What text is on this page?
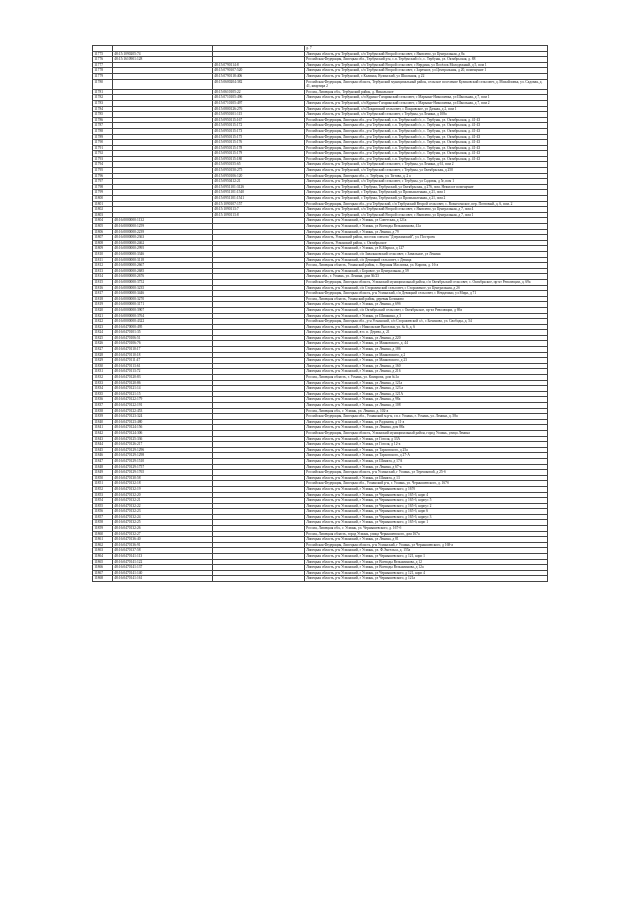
			д. 7
11775	48:15:1090205:74		Липецкая область, р-н Тербунский, с/п Тербунский Второй сельсовет, с Яковлево, ул Центральная, д 8а
11776	48:15:1610901:128		Российская Федерация, Липецкая обл., Тербунский р-н, с.п. Тербунский с/с, с. Тербуны, ул. Октябрьская, д. 88
11777		48:15:0790114:8	Липецкая область, р-н Тербунский, с/п Тербунский Второй сельсовет, с Вердина, ул Посёлок Молодежный, д 5, пом 1
11778		48:15:0790107:520	Липецкая область, р-н Тербунский, с/п Тербунский Второй сельсовет, с Заречное, ул Центральная, д 20, помещение 1
11779		48:15:0790118:406	Липецкая область, р-н Тербунский, с Калинка, Кузинский, ул Школьная, д 22
11780		48:15:0600204:382	Российская Федерация, Липецкая область, Тербунский муниципальный район, сельское поселение Куликовский сельсовет, д. Михайловка, ул. Садовая, д. 41, квартира 2
11781		48:15:0610105:22	Россия, Липецкая обл., Тербунский район, д. Никольское
11782		48:15:0710105:496	Липецкая область, р-н Тербунский, с/п Курино-Гагаринский сельсовет, с Марьино-Николаевка, ул Школьная, д 7, пом 1
11783		48:15:0710105:497	Липецкая область, р-н Тербунский, с/п Курино-Гагаринский сельсовет, с Марьино-Николаевка, ул Школьная, д 7, пом 2
11784		48:15:0800126:276	Липецкая область, р-н Тербунский, с/п Покровский сельсовет, с Покровское, ул Дачная, д 2, пом 1
11785		48:15:0950101:115	Липецкая область, р-н Тербунский, с/п Тербунский сельсовет, с Тербуны, ул Ленина, д 108а
11786		48:15:0950115:167	Российская Федерация, Липецкая обл., р-н Тербунский, с.п. Тербунский с/с, с. Тербуны, ул. Октябрьская, д. 41-43
11787		48:15:0950115:172	Российская Федерация, Липецкая обл., р-н Тербунский, с.п. Тербунский с/с, с. Тербуны, ул. Октябрьская, д. 41-43
11788		48:15:0950115:173	Российская Федерация, Липецкая обл., р-н Тербунский, с.п. Тербунский с/с, с. Тербуны, ул. Октябрьская, д. 41-43
11789		48:15:0950115:175	Российская Федерация, Липецкая обл., р-н Тербунский, с.п. Тербунский с/с, с. Тербуны, ул. Октябрьская, д. 41-43
11790		48:15:0950115:176	Российская Федерация, Липецкая обл., р-н Тербунский, с.п. Тербунский с/с, с. Тербуны, ул. Октябрьская, д. 41-43
11791		48:15:0950115:178	Российская Федерация, Липецкая обл., р-н Тербунский, с.п. Тербунский с/с, с. Тербуны, ул. Октябрьская, д. 41-43
11792		48:15:0950115:179	Российская Федерация, Липецкая обл., р-н Тербунский, с.п. Тербунский с/с, с. Тербуны, ул. Октябрьская, д. 41-43
11793		48:15:0950115:180	Российская Федерация, Липецкая обл., р-н Тербунский, с.п. Тербунский с/с, с. Тербуны, ул. Октябрьская, д. 41-43
11794		48:15:0950155:65	Липецкая область, р-н Тербунский, с/п Тербунский сельсовет, с Тербуны, ул Ленина, д 61, пом 2
11795		48:15:0950150:275	Липецкая область, р-н Тербунский, с/п Тербунский сельсовет, с Тербуны, ул Октябрьская, д 250
11796		48:15:0950106:120	Российская Федерация, Липецкая обл., с. Тербуны, ул. Титова, д. 2 а
11797		48:15:0950412:21	Липецкая область, р-н Тербунский, с/п Тербунский сельсовет, с Тербуны, ул Садовая, д 5г, пом 1
11798		48:15:0951101:3126	Липецкая область, р-н Тербунский, с Тербуны, Тербунский, ул Октябрьская, д 276, пом. Нежилое помещение
11799		48:15:0951101:1540	Липецкая область, р-н Тербунский, с Тербуны, Тербунский, ул Промышленная, д 21, пом 1
11800		48:15:0951101:1541	Липецкая область, р-н Тербунский, с Тербуны, Тербунский, ул Промышленная, д 21, пом 2
11801		48:15:1090107:157	Российская Федерация, Липецкая обл., р-н Тербунский, с/п Тербунский Второй сельсовет, с. Вознесенское, пер. Почтовый, д. 6, пом. 2
11802		48:15:1090113:7	Липецкая область, р-н Тербунский, с/п Тербунский Второй сельсовет, с Яковлево, ул Центральная, д 7, пом 4
11803		48:15:1090113:8	Липецкая область, р-н Тербунский, с/п Тербунский Второй сельсовет, с Яковлево, ул Центральная, д 7, пом 1
11804	48:16:0000000:1132		Липецкая область, р-н Усманский, г Усмань, ул Советская, д 121а
11805	48:16:0000000:1259		Липецкая область, р-н Усманский, г Усмань, ул Воеводы Вельяминова, 41а
11806	48:16:0000000:2239		Липецкая область, р-н Усманский, г Усмань, ул Ленина, д 79
11807	48:16:0000000:2363		Липецкая область, Усманский район, поселок совхоза "Дзержинский", ул. Построек
11808	48:16:0000000:2462		Липецкая область, Усманский район, с. Октябрьское
11809	48:16:0000000:2995		Липецкая область, р-н Усманский, г Усмань, ул К.Маркса, д 127
11810	48:16:0000000:3346		Липецкая область, р-н Усманский, с/п Завальновский сельсовет, с Завальное, ул Ленина
11811	48:16:0000000:3118		Липецкая область, р-н Усманский, с/п Девицкий сельсовет, с Девица
11812	48:16:0000000:2667		Россия, Липецкая область, Усманский район, с. Верхняя Масловка, ул. Кирова, д. 16-а
11813	48:16:0000000:2685		Липецкая область, р-н Усманский, с Боровое, ул Центральная, д 59
11814	48:16:0000000:2676		Липецкая обл., г. Усмань, ул. Ленина, дом 36/23
11815	48:16:0000000:3752		Российская Федерация, Липецкая область, Усманский муниципальный район, с/п Октябрьский сельсовет, с. Октябрьское, пр-кт Революции, д. 69а
11816	48:16:0000000:3235		Липецкая область, р-н Усманский, с/п Стороженский сельсовет, с Стороженое, ул Центральная, д 2б
11817	48:16:0000000:3446		Российская Федерация, Липецкая область, р-н Усманский, с/п Девицкий сельсовет, с Невдачино, ул Мира, д 71
11818	48:16:0000000:3270		Россия, Липецкая область, Усманский район, деревня Бочиново
11819	48:16:0000000:3171		Липецкая область, р-н Усманский, г Усмань, ул Ленина, д 69б
11820	48:16:0000000:3907		Липецкая область, р-н Усманский, с/п Октябрьский сельсовет, с Октябрьское, пр-кт Революции, д 69а
11821	48:16:0000000:3764		Липецкая область, р-н Усманский, г Усмань, ул Шишкина, д 3
11822	48:16:0000000:4322		Российская Федерация, Липецкая обл., р-н Усманский, с/п Сторожевской с/с, с Бочиново, ул. Свободы, д. 54
11823	48:16:0470000:495		Липецкая область, р-н Усманский, с Никольские Выселки, ул. № 6, д. 6
11824	48:16:0470101:35		Липецкая область, р-н Усманский, в-п. п. Дерева, д. 21
11825	48:16:0470106:51		Липецкая область, р-н Усманский, г Усмань, ул Ленина, д 220
11826	48:16:0470106:76		Липецкая область, р-н Усманский, г Усмань, ул Маяковского, д. 44
11827	48:16:0470110:17		Липецкая область, р-н Усманский, г Усмань, ул Ленина, д 186
11828	48:16:0470110:18		Липецкая область, р-н Усманский, г Усмань, ул Маяковского, д 2
11829	48:16:0470111:47		Липецкая область, р-н Усманский, г Усмань, ул Маяковского, д 23
11830	48:16:0470113:61		Липецкая область, р-н Усманский, г Усмань, ул Ленина, д 160
11831	48:16:0470113:72		Липецкая область, р-н Усманский, г Усмань, ул Ленина, д 216
11832	48:16:0470120:83		Россия, Липецкая область, г. Усмань, ул. Комарова, дом №1а
11833	48:16:0470120:86		Липецкая область, р-н Усманский, г Усмань, ул Ленина, д 121а
11834	48:16:0470121:14		Липецкая область, р-н Усманский, г Усмань, ул Ленина, д 123 а
11835	48:16:0470121:15		Липецкая область, р-н Усманский, г Усмань, ул Ленина, д 121А
11836	48:16:0470122:179		Липецкая область, р-н Усманский, г Усмань, ул Ленина, д 98а
11837	48:16:0470122:191		Липецкая область, р-н Усманский, г Усмань, ул Ленина, д 108
11838	48:16:0470122:453		Россия, Липецкая обл., г. Усмань, ул. Ленина, д. 102-а
11839	48:16:0470123:324		Российская Федерация, Липецкая обл., Усманский м.р-н, г.п.г. Усмань, г. Усмань, ул. Ленина, д. 58а
11840	48:16:0470123:480		Липецкая область, р-н Усманский, г Усмань, ул Радонова, д 11-а
11841	48:16:0470124:156		Липецкая область, р-н Усманский, г Усмань, ул Ленина, дом 88а
11842	48:16:0470124:306		Российская Федерация, Липецкая область, Усманский муниципальный район, город Усмань, улица Ленина
11843	48:16:0470125:336		Липецкая область, р-н Усманский, г Усмань, ул Гоголя, д 33А
11844	48:16:0470126:217		Липецкая область, р-н Усманский, г Усмань, ул Гоголя, д 12-а
11845	48:16:0470129:1296		Липецкая область, р-н Усманский, г Усмань, ул Тарховского, д 25а
11846	48:16:0470129:1298		Липецкая область, р-н Усманский, г Усмань, ул Тарховского, д 27-А
11847	48:16:0470129:1510		Липецкая область, р-н Усманский, г Усмань, ул Шинкта, д 17А
11848	48:16:0470129:1757		Липецкая область, р-н Усманский, г Усмань, ул Ленина, д 67-а
11849	48:16:0470129:1765		Российская Федерация, Липецкая область, р-н Усманский, г Усмань, ул Терешковой, д 25-б
11850	48:16:0470130:58		Липецкая область, р-н Усманский, г Усмань, ул Шинкта, д 13
11851	48:16:0470132:18		Российская Федерация, Липецкая обл., Усманский р-н, г. Усмань, ул. Чернышевского, д. 167б
11852	48:16:0470132:19		Липецкая область, р-н Усманский, г Усмань, ул Чернышевского, д 167б
11853	48:16:0470132:20		Липецкая область, р-н Усманский, г Усмань, ул Чернышевского, д 165-б, корп 4
11854	48:16:0470132:21		Липецкая область, р-н Усманский, г Усмань, ул Чернышевского, д 165-б, корпус 5
11855	48:16:0470132:22		Липецкая область, р-н Усманский, г Усмань, ул Чернышевского, д 165-б, корпус 2
11856	48:16:0470132:23		Липецкая область, р-н Усманский, г Усмань, ул Чернышевского, д 165-б, корп 6
11857	48:16:0470132:24		Липецкая область, р-н Усманский, г Усмань, ул Чернышевского, д 165-б, корпус 3
11858	48:16:0470132:25		Липецкая область, р-н Усманский, г Усмань, ул Чернышевского, д 165-б, корп 1
11859	48:16:0470132:26		Россия, Липецкая обл., г. Усмань, ул. Чернышевского, д. 167-б
11860	48:16:0470132:27		Россия, Липецкая область, город Усмань, улица Чернышевского, дом 167а
11861	48:16:0470136:40		Липецкая область, р-н Усманский, г Усмань, ул Ленина, д 81
11862	48:16:0470136:91		Российская Федерация, Липецкая область, р-н Усманский, г Усмань, ул Чернышевского, д 168-а
11863	48:16:0470137:58		Липецкая область, р-н Усманский, г Усмань, ул. Ф.Энгельса, д. 155а
11864	48:16:0470141:113		Липецкая область, р-н Усманский, г Усмань, ул Чернышевского, д 121, корп 1
11865	48:16:0470141:122		Липецкая область, р-н Усманский, г Усмань, ул Воеводы Вельяминова, д 12
11866	48:16:0470141:137		Липецкая область, р-н Усманский, г Усмань, ул Воеводы Вельяминова, д 12а
11867	48:16:0470141:140		Липецкая область, р-н Усманский, г Усмань, ул Чернышевского, д 121, корп 4
11868	48:16:0470141:161		Липецкая область, р-н Усманский, г Усмань, ул Чернышевского, д 121а
